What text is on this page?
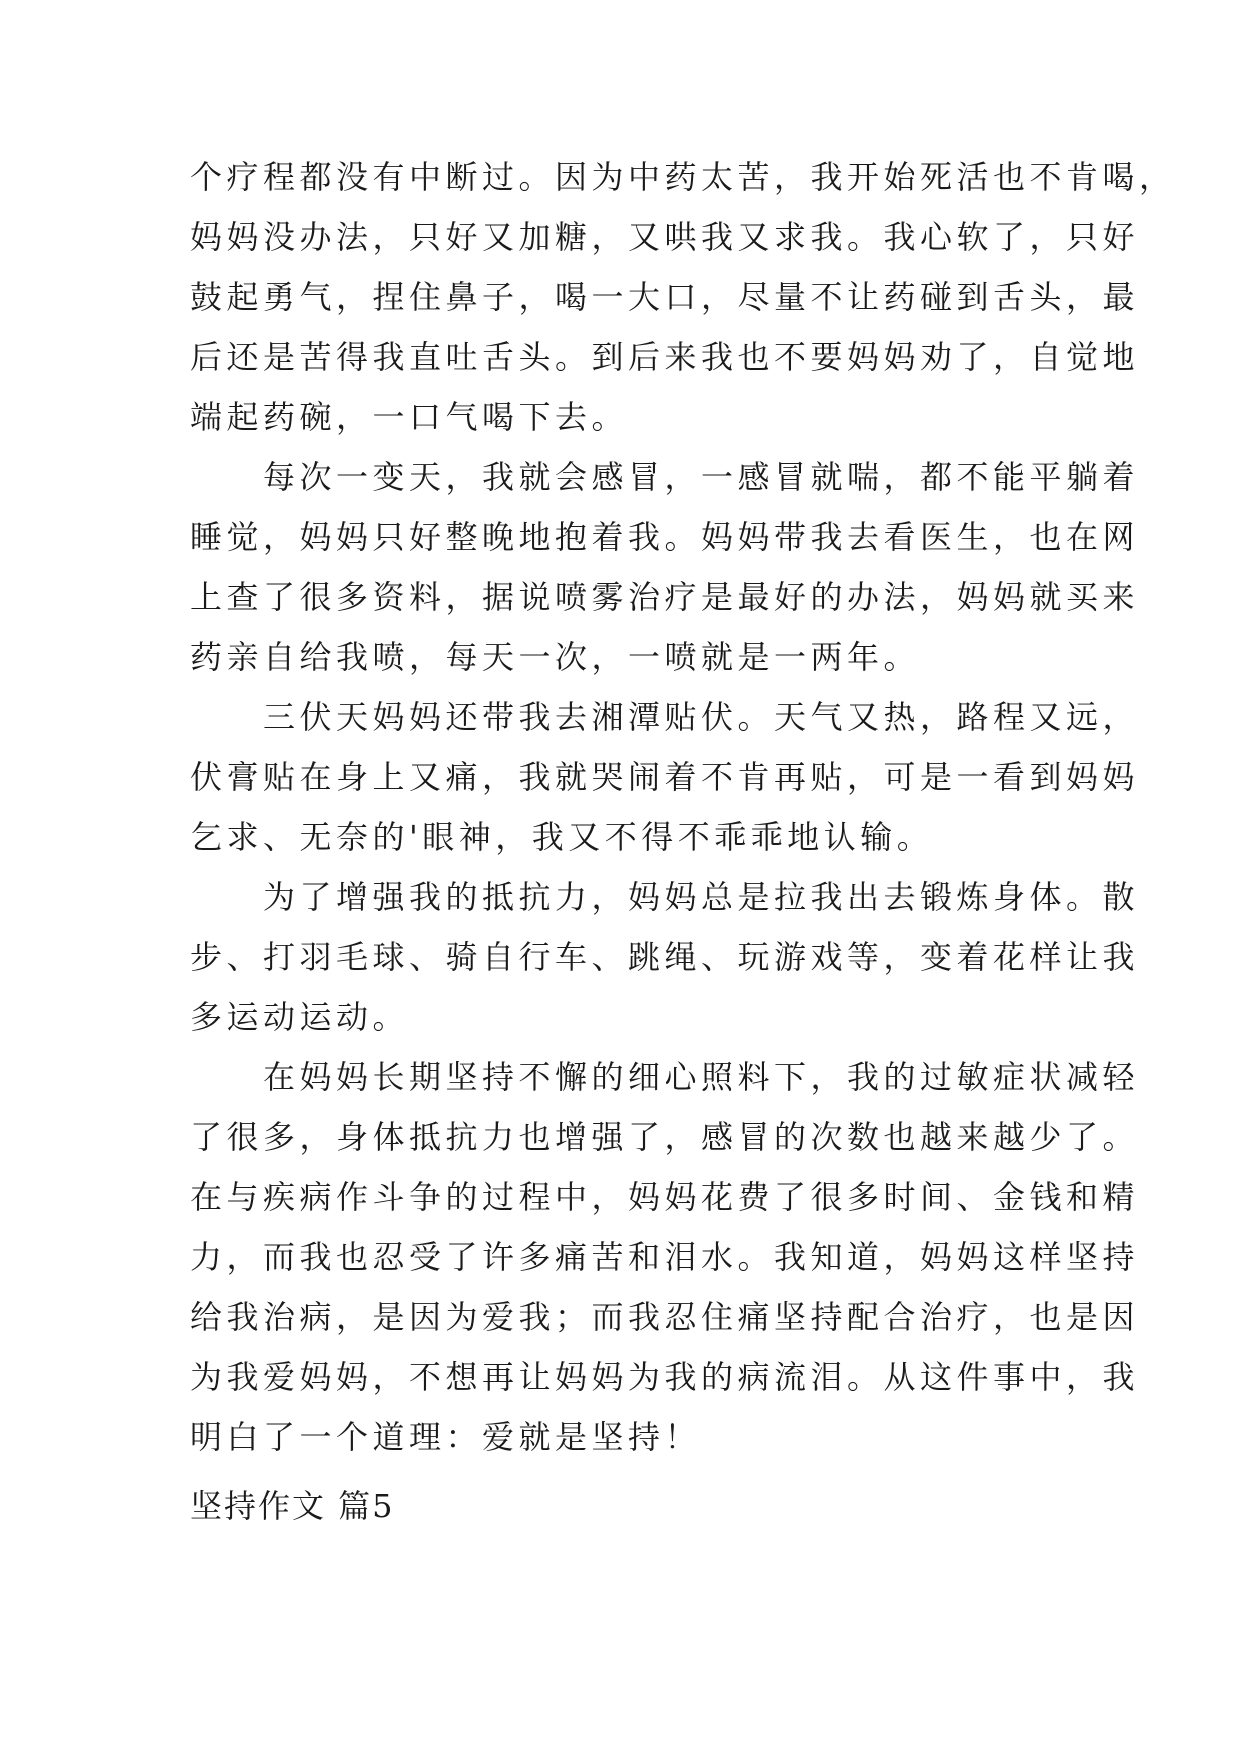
个疗程都没有中断过。因为中药太苦，我开始死活也不肯喝，
妈妈没办法，只好又加糖，又哄我又求我。我心软了，只好
鼓起勇气，捏住鼻子，喝一大口，尽量不让药碰到舌头，最
后还是苦得我直吐舌头。到后来我也不要妈妈劝了，自觉地
端起药碗，一口气喝下去。
　　每次一变天，我就会感冒，一感冒就喘，都不能平躺着
睡觉，妈妈只好整晚地抱着我。妈妈带我去看医生，也在网
上查了很多资料，据说喷雾治疗是最好的办法，妈妈就买来
药亲自给我喷，每天一次，一喷就是一两年。
　　三伏天妈妈还带我去湘潭贴伏。天气又热，路程又远，
伏膏贴在身上又痛，我就哭闹着不肯再贴，可是一看到妈妈
乞求、无奈的'眼神，我又不得不乖乖地认输。
　　为了增强我的抵抗力，妈妈总是拉我出去锻炼身体。散
步、打羽毛球、骑自行车、跳绳、玩游戏等，变着花样让我
多运动运动。
　　在妈妈长期坚持不懈的细心照料下，我的过敏症状减轻
了很多，身体抵抗力也增强了，感冒的次数也越来越少了。
在与疾病作斗争的过程中，妈妈花费了很多时间、金钱和精
力，而我也忍受了许多痛苦和泪水。我知道，妈妈这样坚持
给我治病，是因为爱我；而我忍住痛坚持配合治疗，也是因
为我爱妈妈，不想再让妈妈为我的病流泪。从这件事中，我
明白了一个道理：爱就是坚持！
坚持作文 篇5
